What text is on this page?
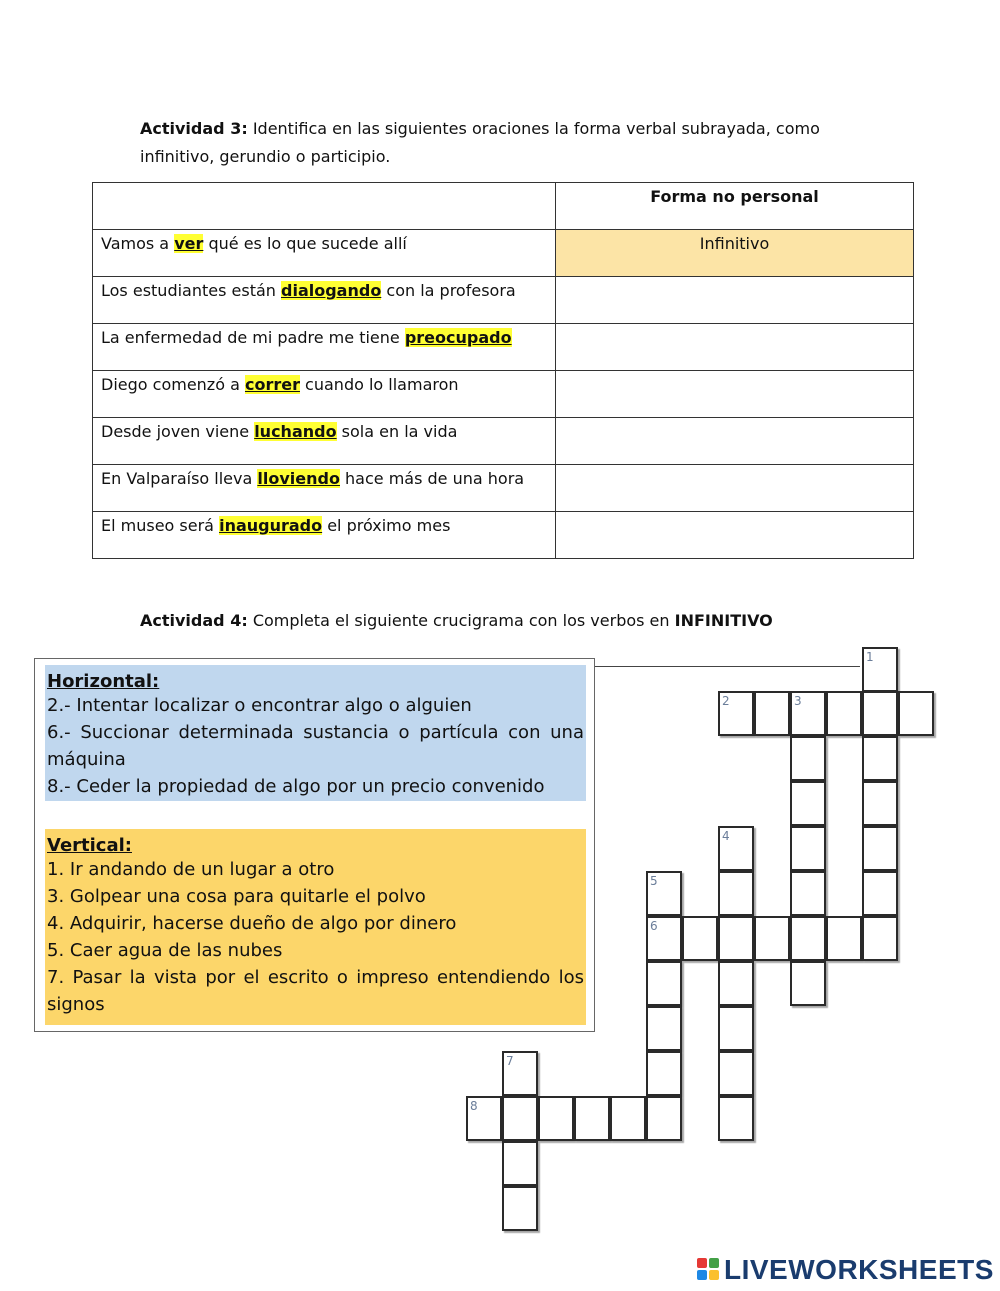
Actividad 3: Identifica en las siguientes oraciones la forma verbal subrayada, como infinitivo, gerundio o participio.
	Forma no personal
Vamos a ver qué es lo que sucede allí	Infinitivo
Los estudiantes están dialogando con la profesora	
La enfermedad de mi padre me tiene preocupado	
Diego comenzó a correr cuando lo llamaron	
Desde joven viene luchando sola en la vida	
En Valparaíso lleva lloviendo hace más de una hora	
El museo será inaugurado el próximo mes	
Actividad 4: Completa el siguiente crucigrama con los verbos en INFINITIVO
Horizontal:
2.- Intentar localizar o encontrar algo o alguien
6.- Succionar determinada sustancia o partícula con una máquina
8.- Ceder la propiedad de algo por un precio convenido
Vertical:
1. Ir andando de un lugar a otro
3. Golpear una cosa para quitarle el polvo
4. Adquirir, hacerse dueño de algo por dinero
5. Caer agua de las nubes
7. Pasar la vista por el escrito o impreso entendiendo los signos
1
2	3
4
5
6
7
8
LIVEWORKSHEETS
